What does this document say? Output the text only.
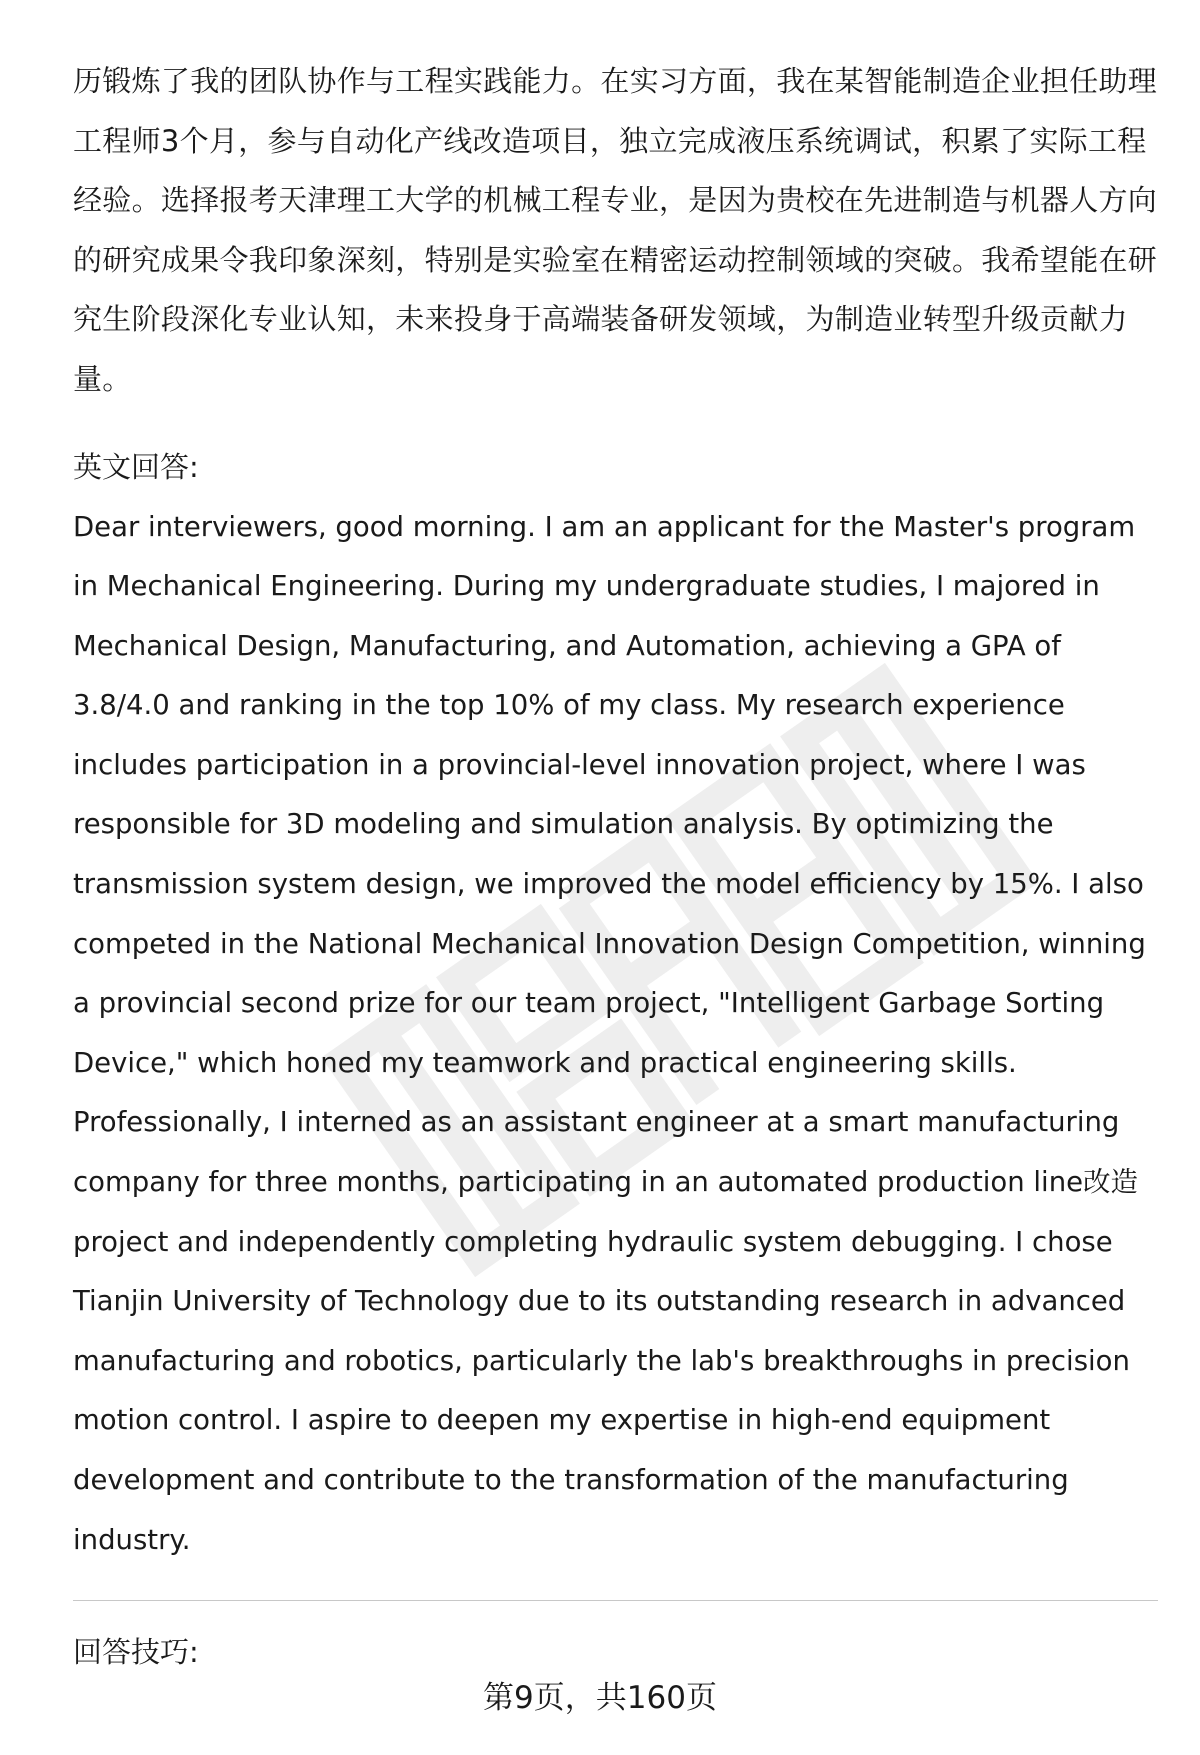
历锻炼了我的团队协作与工程实践能力。在实习方面，我在某智能制造企业担任助理工程师3个月，参与自动化产线改造项目，独立完成液压系统调试，积累了实际工程经验。选择报考天津理工大学的机械工程专业，是因为贵校在先进制造与机器人方向的研究成果令我印象深刻，特别是实验室在精密运动控制领域的突破。我希望能在研究生阶段深化专业认知，未来投身于高端装备研发领域，为制造业转型升级贡献力量。

英文回答:

Dear interviewers, good morning. I am an applicant for the Master's program in Mechanical Engineering. During my undergraduate studies, I majored in Mechanical Design, Manufacturing, and Automation, achieving a GPA of 3.8/4.0 and ranking in the top 10% of my class. My research experience includes participation in a provincial-level innovation project, where I was responsible for 3D modeling and simulation analysis. By optimizing the transmission system design, we improved the model efficiency by 15%. I also competed in the National Mechanical Innovation Design Competition, winning a provincial second prize for our team project, "Intelligent Garbage Sorting Device," which honed my teamwork and practical engineering skills. Professionally, I interned as an assistant engineer at a smart manufacturing company for three months, participating in an automated production line改造 project and independently completing hydraulic system debugging. I chose Tianjin University of Technology due to its outstanding research in advanced manufacturing and robotics, particularly the lab's breakthroughs in precision motion control. I aspire to deepen my expertise in high-end equipment development and contribute to the transformation of the manufacturing industry.

回答技巧:

第9页，共160页
